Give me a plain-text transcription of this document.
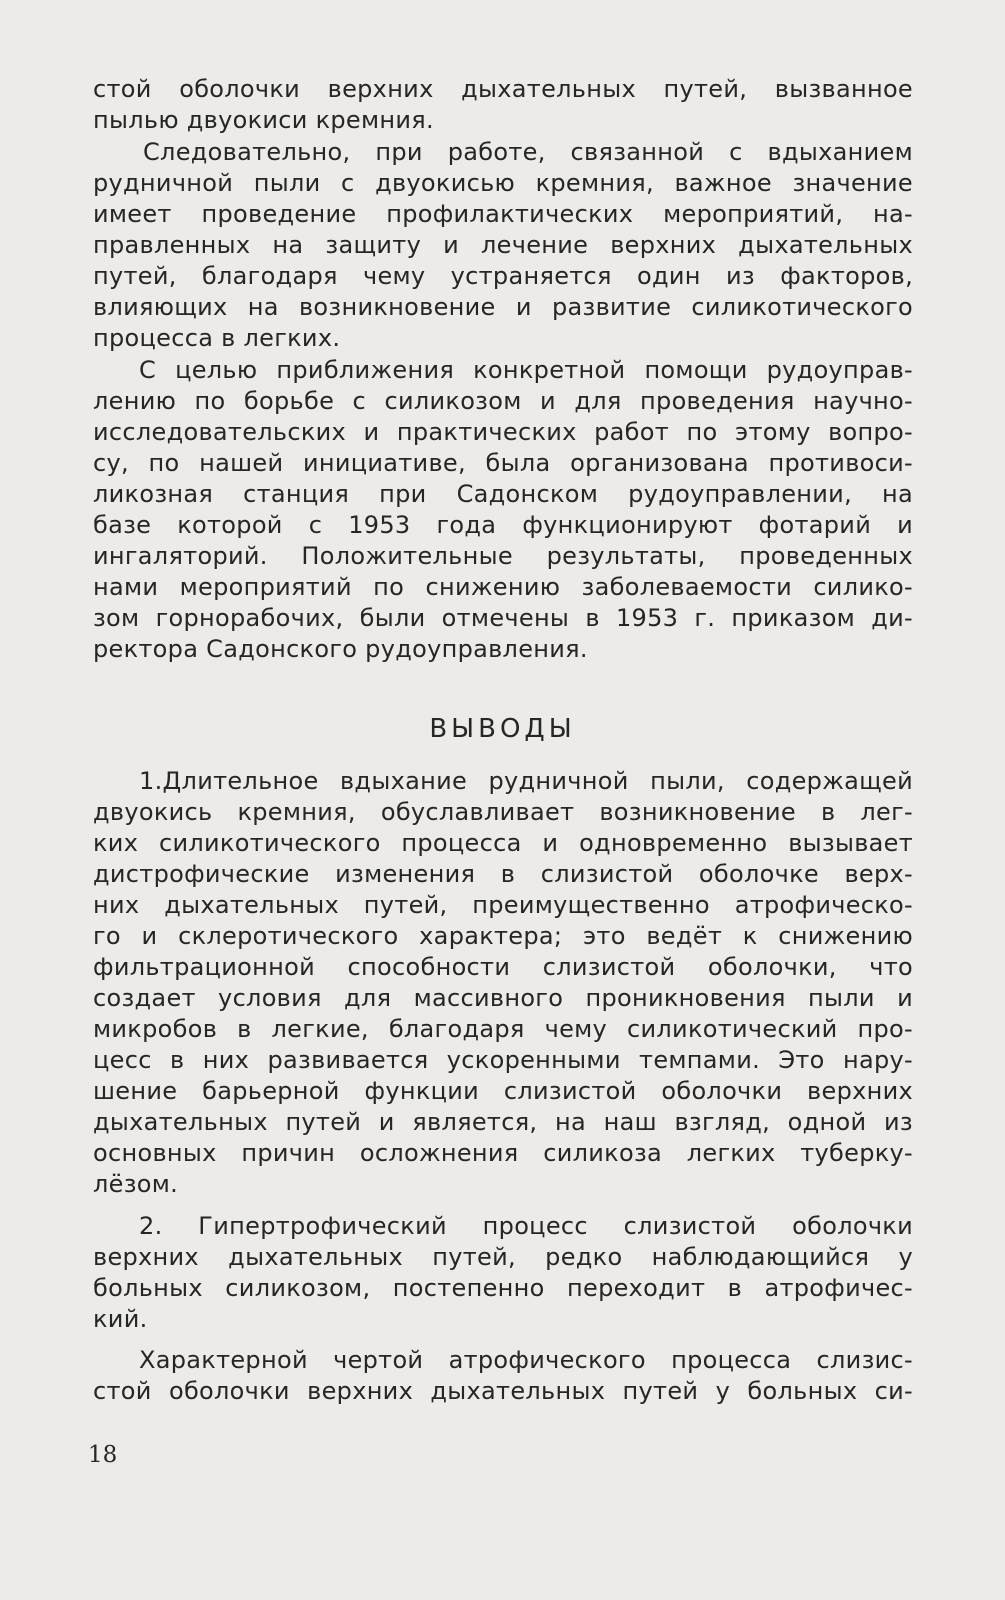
стой оболочки верхних дыхательных путей, вызванное
пылью двуокиси кремния.
Следовательно, при работе, связанной с вдыханием
рудничной пыли с двуокисью кремния, важное значение
имеет проведение профилактических мероприятий, на-
правленных на защиту и лечение верхних дыхательных
путей, благодаря чему устраняется один из факторов,
влияющих на возникновение и развитие силикотического
процесса в легких.
С целью приближения конкретной помощи рудоуправ-
лению по борьбе с силикозом и для проведения научно-
исследовательских и практических работ по этому вопро-
су, по нашей инициативе, была организована противоси-
ликозная станция при Садонском рудоуправлении, на
базе которой с 1953 года функционируют фотарий и
ингаляторий. Положительные результаты, проведенных
нами мероприятий по снижению заболеваемости силико-
зом горнорабочих, были отмечены в 1953 г. приказом ди-
ректора Садонского рудоуправления.
ВЫВОДЫ
1.Длительное вдыхание рудничной пыли, содержащей
двуокись кремния, обуславливает возникновение в лег-
ких силикотического процесса и одновременно вызывает
дистрофические изменения в слизистой оболочке верх-
них дыхательных путей, преимущественно атрофическо-
го и склеротического характера; это ведёт к снижению
фильтрационной способности слизистой оболочки, что
создает условия для массивного проникновения пыли и
микробов в легкие, благодаря чему силикотический про-
цесс в них развивается ускоренными темпами. Это нару-
шение барьерной функции слизистой оболочки верхних
дыхательных путей и является, на наш взгляд, одной из
основных причин осложнения силикоза легких туберку-
лёзом.
2. Гипертрофический процесс слизистой оболочки
верхних дыхательных путей, редко наблюдающийся у
больных силикозом, постепенно переходит в атрофичес-
кий.
Характерной чертой атрофического процесса слизис-
стой оболочки верхних дыхательных путей у больных си-
18
